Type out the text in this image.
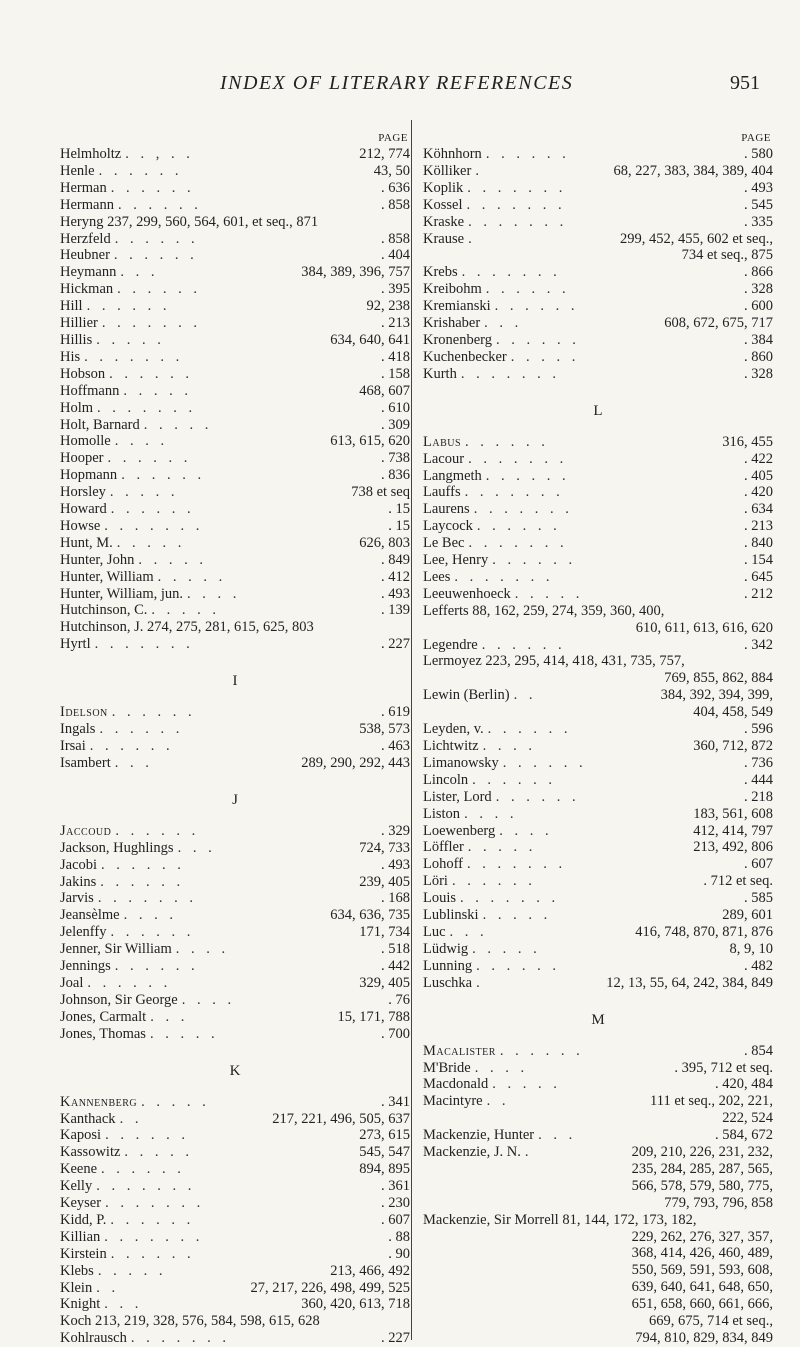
INDEX OF LITERARY REFERENCES	951
PAGE
Helmholtz . . , . .	212, 774
Henle . . . . . .	43, 50
Herman . . . . . .	. 636
Hermann . . . . . .	. 858
Heryng 237, 299, 560, 564, 601, et seq., 871
Herzfeld . . . . . .	. 858
Heubner . . . . . .	. 404
Heymann . . .	384, 389, 396, 757
Hickman . . . . . .	. 395
Hill . . . . . .	92, 238
Hillier . . . . . . .	. 213
Hillis . . . . .	634, 640, 641
His . . . . . . .	. 418
Hobson . . . . . .	. 158
Hoffmann . . . . .	468, 607
Holm . . . . . . .	. 610
Holt, Barnard . . . . .	. 309
Homolle . . . .	613, 615, 620
Hooper . . . . . .	. 738
Hopmann . . . . . .	. 836
Horsley . . . . .	738 et seq
Howard . . . . . .	. 15
Howse . . . . . . .	. 15
Hunt, M. . . . . .	626, 803
Hunter, John . . . . .	. 849
Hunter, William . . . . .	. 412
Hunter, William, jun. . . . .	. 493
Hutchinson, C. . . . . .	. 139
Hutchinson, J. 274, 275, 281, 615, 625, 803
Hyrtl . . . . . . .	. 227
I
Idelson . . . . . .	. 619
Ingals . . . . . .	538, 573
Irsai . . . . . .	. 463
Isambert . . .	289, 290, 292, 443
J
Jaccoud . . . . . .	. 329
Jackson, Hughlings . . .	724, 733
Jacobi . . . . . .	. 493
Jakins . . . . . .	239, 405
Jarvis . . . . . . .	. 168
Jeansèlme . . . .	634, 636, 735
Jelenffy . . . . . .	171, 734
Jenner, Sir William . . . .	. 518
Jennings . . . . . .	. 442
Joal . . . . . .	329, 405
Johnson, Sir George . . . .	. 76
Jones, Carmalt . . .	15, 171, 788
Jones, Thomas . . . . .	. 700
K
Kannenberg . . . . .	. 341
Kanthack . .	217, 221, 496, 505, 637
Kaposi . . . . . .	273, 615
Kassowitz . . . . .	545, 547
Keene . . . . . .	894, 895
Kelly . . . . . . .	. 361
Keyser . . . . . . .	. 230
Kidd, P. . . . . . .	. 607
Killian . . . . . . .	. 88
Kirstein . . . . . .	. 90
Klebs . . . . .	213, 466, 492
Klein . .	27, 217, 226, 498, 499, 525
Knight . . .	360, 420, 613, 718
Koch 213, 219, 328, 576, 584, 598, 615, 628
Kohlrausch . . . . . . .	. 227
PAGE
Köhnhorn . . . . . .	. 580
Kölliker .	68, 227, 383, 384, 389, 404
Koplik . . . . . . .	. 493
Kossel . . . . . . .	. 545
Kraske . . . . . . .	. 335
Krause .	299, 452, 455, 602 et seq.,
734 et seq., 875
Krebs . . . . . . .	. 866
Kreibohm . . . . . .	. 328
Kremianski . . . . . .	. 600
Krishaber . . .	608, 672, 675, 717
Kronenberg . . . . . .	. 384
Kuchenbecker . . . . .	. 860
Kurth . . . . . . .	. 328
L
Labus . . . . . .	316, 455
Lacour . . . . . . .	. 422
Langmeth . . . . . .	. 405
Lauffs . . . . . . .	. 420
Laurens . . . . . . .	. 634
Laycock . . . . . .	. 213
Le Bec . . . . . . .	. 840
Lee, Henry . . . . . .	. 154
Lees . . . . . . .	. 645
Leeuwenhoeck . . . . .	. 212
Lefferts 88, 162, 259, 274, 359, 360, 400,
610, 611, 613, 616, 620
Legendre . . . . . .	. 342
Lermoyez 223, 295, 414, 418, 431, 735, 757,
769, 855, 862, 884
Lewin (Berlin) . .	384, 392, 394, 399,
404, 458, 549
Leyden, v. . . . . . .	. 596
Lichtwitz . . . .	360, 712, 872
Limanowsky . . . . . .	. 736
Lincoln . . . . . .	. 444
Lister, Lord . . . . . .	. 218
Liston . . . .	183, 561, 608
Loewenberg . . . .	412, 414, 797
Löffler . . . . .	213, 492, 806
Lohoff . . . . . . .	. 607
Löri . . . . . .	. 712 et seq.
Louis . . . . . . .	. 585
Lublinski . . . . .	289, 601
Luc . . .	416, 748, 870, 871, 876
Lüdwig . . . . .	8, 9, 10
Lunning . . . . . .	. 482
Luschka .	12, 13, 55, 64, 242, 384, 849
M
Macalister . . . . . .	. 854
M'Bride . . . .	. 395, 712 et seq.
Macdonald . . . . .	. 420, 484
Macintyre . .	111 et seq., 202, 221,
222, 524
Mackenzie, Hunter . . .	. 584, 672
Mackenzie, J. N. .	209, 210, 226, 231, 232,
235, 284, 285, 287, 565,
566, 578, 579, 580, 775,
779, 793, 796, 858
Mackenzie, Sir Morrell 81, 144, 172, 173, 182,
229, 262, 276, 327, 357,
368, 414, 426, 460, 489,
550, 569, 591, 593, 608,
639, 640, 641, 648, 650,
651, 658, 660, 661, 666,
669, 675, 714 et seq.,
794, 810, 829, 834, 849
